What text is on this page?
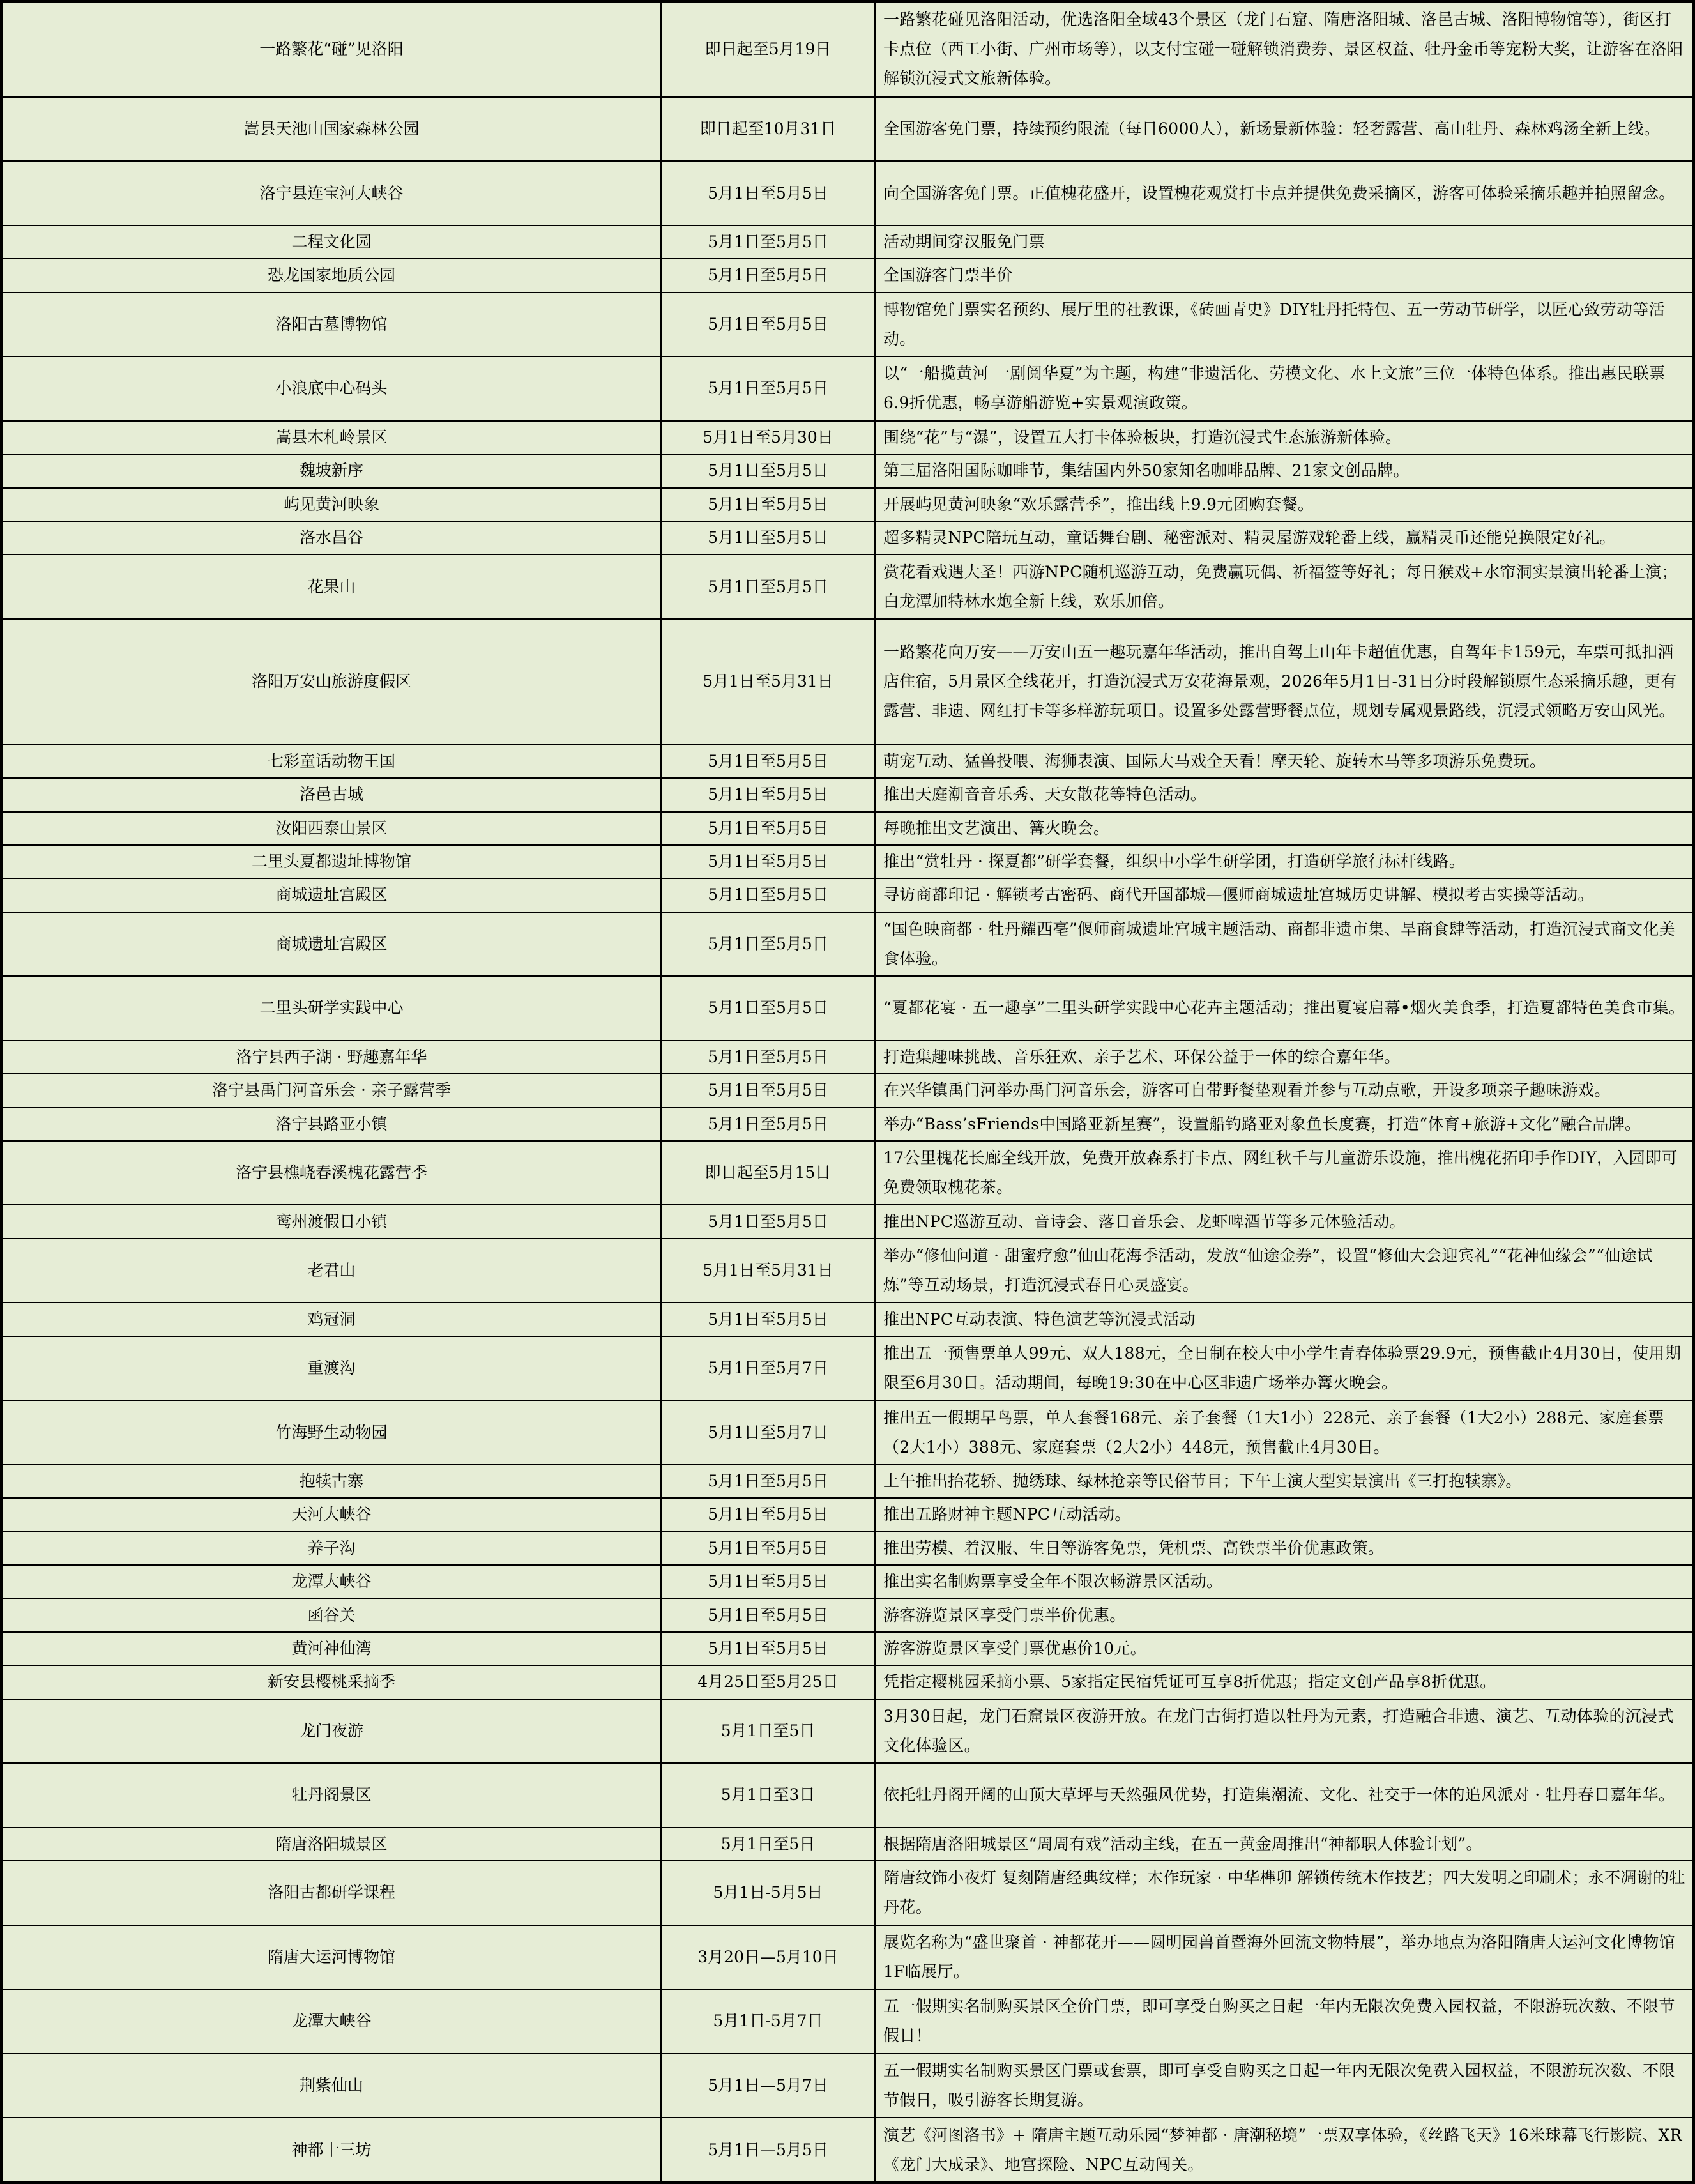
一路繁花“碰”见洛阳	即日起至5月19日	一路繁花碰见洛阳活动，优选洛阳全域43个景区（龙门石窟、隋唐洛阳城、洛邑古城、洛阳博物馆等），街区打卡点位（西工小街、广州市场等），以支付宝碰一碰解锁消费券、景区权益、牡丹金币等宠粉大奖，让游客在洛阳解锁沉浸式文旅新体验。
嵩县天池山国家森林公园	即日起至10月31日	全国游客免门票，持续预约限流（每日6000人），新场景新体验：轻奢露营、高山牡丹、森林鸡汤全新上线。
洛宁县连宝河大峡谷	5月1日至5月5日	向全国游客免门票。正值槐花盛开，设置槐花观赏打卡点并提供免费采摘区，游客可体验采摘乐趣并拍照留念。
二程文化园	5月1日至5月5日	活动期间穿汉服免门票
恐龙国家地质公园	5月1日至5月5日	全国游客门票半价
洛阳古墓博物馆	5月1日至5月5日	博物馆免门票实名预约、展厅里的社教课，《砖画青史》DIY牡丹托特包、五一劳动节研学，以匠心致劳动等活动。
小浪底中心码头	5月1日至5月5日	以“一船揽黄河 一剧阅华夏”为主题，构建“非遗活化、劳模文化、水上文旅”三位一体特色体系。推出惠民联票6.9折优惠，畅享游船游览+实景观演政策。
嵩县木札岭景区	5月1日至5月30日	围绕“花”与“瀑”，设置五大打卡体验板块，打造沉浸式生态旅游新体验。
魏坡新序	5月1日至5月5日	第三届洛阳国际咖啡节，集结国内外50家知名咖啡品牌、21家文创品牌。
屿见黄河映象	5月1日至5月5日	开展屿见黄河映象“欢乐露营季”，推出线上9.9元团购套餐。
洛水昌谷	5月1日至5月5日	超多精灵NPC陪玩互动，童话舞台剧、秘密派对、精灵屋游戏轮番上线，赢精灵币还能兑换限定好礼。
花果山	5月1日至5月5日	赏花看戏遇大圣！西游NPC随机巡游互动，免费赢玩偶、祈福签等好礼；每日猴戏+水帘洞实景演出轮番上演；白龙潭加特林水炮全新上线，欢乐加倍。
洛阳万安山旅游度假区	5月1日至5月31日	一路繁花向万安——万安山五一趣玩嘉年华活动，推出自驾上山年卡超值优惠，自驾年卡159元，车票可抵扣酒店住宿，5月景区全线花开，打造沉浸式万安花海景观，2026年5月1日-31日分时段解锁原生态采摘乐趣，更有露营、非遗、网红打卡等多样游玩项目。设置多处露营野餐点位，规划专属观景路线，沉浸式领略万安山风光。
七彩童话动物王国	5月1日至5月5日	萌宠互动、猛兽投喂、海狮表演、国际大马戏全天看！摩天轮、旋转木马等多项游乐免费玩。
洛邑古城	5月1日至5月5日	推出天庭潮音音乐秀、天女散花等特色活动。
汝阳西泰山景区	5月1日至5月5日	每晚推出文艺演出、篝火晚会。
二里头夏都遗址博物馆	5月1日至5月5日	推出“赏牡丹 · 探夏都”研学套餐，组织中小学生研学团，打造研学旅行标杆线路。
商城遗址宫殿区	5月1日至5月5日	寻访商都印记 · 解锁考古密码、商代开国都城—偃师商城遗址宫城历史讲解、模拟考古实操等活动。
商城遗址宫殿区	5月1日至5月5日	“国色映商都 · 牡丹耀西亳”偃师商城遗址宫城主题活动、商都非遗市集、旱商食肆等活动，打造沉浸式商文化美食体验。
二里头研学实践中心	5月1日至5月5日	“夏都花宴 · 五一趣享”二里头研学实践中心花卉主题活动；推出夏宴启幕•烟火美食季，打造夏都特色美食市集。
洛宁县西子湖 · 野趣嘉年华	5月1日至5月5日	打造集趣味挑战、音乐狂欢、亲子艺术、环保公益于一体的综合嘉年华。
洛宁县禹门河音乐会 · 亲子露营季	5月1日至5月5日	在兴华镇禹门河举办禹门河音乐会，游客可自带野餐垫观看并参与互动点歌，开设多项亲子趣味游戏。
洛宁县路亚小镇	5月1日至5月5日	举办“Bass’sFriends中国路亚新星赛”，设置船钓路亚对象鱼长度赛，打造“体育+旅游+文化”融合品牌。
洛宁县樵峣春溪槐花露营季	即日起至5月15日	17公里槐花长廊全线开放，免费开放森系打卡点、网红秋千与儿童游乐设施，推出槐花拓印手作DIY，入园即可免费领取槐花茶。
鸾州渡假日小镇	5月1日至5月5日	推出NPC巡游互动、音诗会、落日音乐会、龙虾啤酒节等多元体验活动。
老君山	5月1日至5月31日	举办“修仙问道 · 甜蜜疗愈”仙山花海季活动，发放“仙途金券”，设置“修仙大会迎宾礼”“花神仙缘会”“仙途试炼”等互动场景，打造沉浸式春日心灵盛宴。
鸡冠洞	5月1日至5月5日	推出NPC互动表演、特色演艺等沉浸式活动
重渡沟	5月1日至5月7日	推出五一预售票单人99元、双人188元，全日制在校大中小学生青春体验票29.9元，预售截止4月30日，使用期限至6月30日。活动期间，每晚19:30在中心区非遗广场举办篝火晚会。
竹海野生动物园	5月1日至5月7日	推出五一假期早鸟票，单人套餐168元、亲子套餐（1大1小）228元、亲子套餐（1大2小）288元、家庭套票（2大1小）388元、家庭套票（2大2小）448元，预售截止4月30日。
抱犊古寨	5月1日至5月5日	上午推出抬花轿、抛绣球、绿林抢亲等民俗节目；下午上演大型实景演出《三打抱犊寨》。
天河大峡谷	5月1日至5月5日	推出五路财神主题NPC互动活动。
养子沟	5月1日至5月5日	推出劳模、着汉服、生日等游客免票，凭机票、高铁票半价优惠政策。
龙潭大峡谷	5月1日至5月5日	推出实名制购票享受全年不限次畅游景区活动。
函谷关	5月1日至5月5日	游客游览景区享受门票半价优惠。
黄河神仙湾	5月1日至5月5日	游客游览景区享受门票优惠价10元。
新安县樱桃采摘季	4月25日至5月25日	凭指定樱桃园采摘小票、5家指定民宿凭证可互享8折优惠；指定文创产品享8折优惠。
龙门夜游	5月1日至5日	3月30日起，龙门石窟景区夜游开放。在龙门古街打造以牡丹为元素，打造融合非遗、演艺、互动体验的沉浸式文化体验区。
牡丹阁景区	5月1日至3日	依托牡丹阁开阔的山顶大草坪与天然强风优势，打造集潮流、文化、社交于一体的追风派对 · 牡丹春日嘉年华。
隋唐洛阳城景区	5月1日至5日	根据隋唐洛阳城景区“周周有戏”活动主线，在五一黄金周推出“神都职人体验计划”。
洛阳古都研学课程	5月1日-5月5日	隋唐纹饰小夜灯 复刻隋唐经典纹样；木作玩家 · 中华榫卯 解锁传统木作技艺；四大发明之印刷术；永不凋谢的牡丹花。
隋唐大运河博物馆	3月20日—5月10日	展览名称为“盛世聚首 · 神都花开——圆明园兽首暨海外回流文物特展”，举办地点为洛阳隋唐大运河文化博物馆1F临展厅。
龙潭大峡谷	5月1日-5月7日	五一假期实名制购买景区全价门票，即可享受自购买之日起一年内无限次免费入园权益，不限游玩次数、不限节假日！
荆紫仙山	5月1日—5月7日	五一假期实名制购买景区门票或套票，即可享受自购买之日起一年内无限次免费入园权益，不限游玩次数、不限节假日，吸引游客长期复游。
神都十三坊	5月1日—5月5日	演艺《河图洛书》+ 隋唐主题互动乐园“梦神都 · 唐潮秘境”一票双享体验，《丝路飞天》16米球幕飞行影院、XR《龙门大成录》、地宫探险、NPC互动闯关。
